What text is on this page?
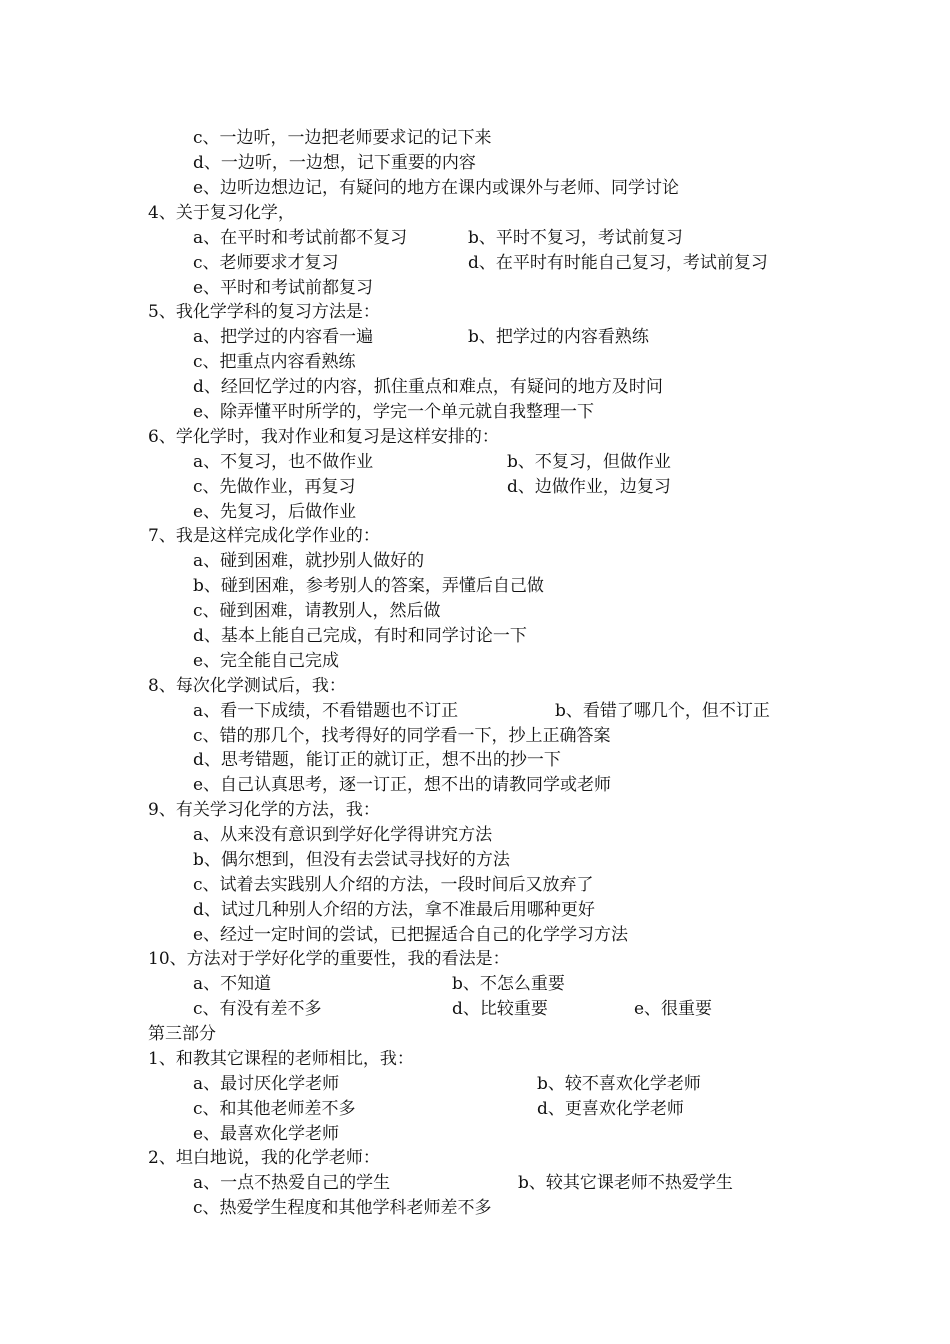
c、一边听，一边把老师要求记的记下来
d、一边听，一边想，记下重要的内容
e、边听边想边记，有疑问的地方在课内或课外与老师、同学讨论
4、关于复习化学，
a、在平时和考试前都不复习	b、平时不复习，考试前复习
c、老师要求才复习	d、在平时有时能自己复习，考试前复习
e、平时和考试前都复习
5、我化学学科的复习方法是：
a、把学过的内容看一遍	b、把学过的内容看熟练
c、把重点内容看熟练
d、经回忆学过的内容，抓住重点和难点，有疑问的地方及时问
e、除弄懂平时所学的，学完一个单元就自我整理一下
6、学化学时，我对作业和复习是这样安排的：
a、不复习，也不做作业	b、不复习，但做作业
c、先做作业，再复习	d、边做作业，边复习
e、先复习，后做作业
7、我是这样完成化学作业的：
a、碰到困难，就抄别人做好的
b、碰到困难，参考别人的答案，弄懂后自己做
c、碰到困难，请教别人，然后做
d、基本上能自己完成，有时和同学讨论一下
e、完全能自己完成
8、每次化学测试后，我：
a、看一下成绩，不看错题也不订正	b、看错了哪几个，但不订正
c、错的那几个，找考得好的同学看一下，抄上正确答案
d、思考错题，能订正的就订正，想不出的抄一下
e、自己认真思考，逐一订正，想不出的请教同学或老师
9、有关学习化学的方法，我：
a、从来没有意识到学好化学得讲究方法
b、偶尔想到，但没有去尝试寻找好的方法
c、试着去实践别人介绍的方法，一段时间后又放弃了
d、试过几种别人介绍的方法，拿不准最后用哪种更好
e、经过一定时间的尝试，已把握适合自己的化学学习方法
10、方法对于学好化学的重要性，我的看法是：
a、不知道	b、不怎么重要
c、有没有差不多	d、比较重要	e、很重要
第三部分
1、和教其它课程的老师相比，我：
a、最讨厌化学老师	b、较不喜欢化学老师
c、和其他老师差不多	d、更喜欢化学老师
e、最喜欢化学老师
2、坦白地说，我的化学老师：
a、一点不热爱自己的学生	b、较其它课老师不热爱学生
c、热爱学生程度和其他学科老师差不多
